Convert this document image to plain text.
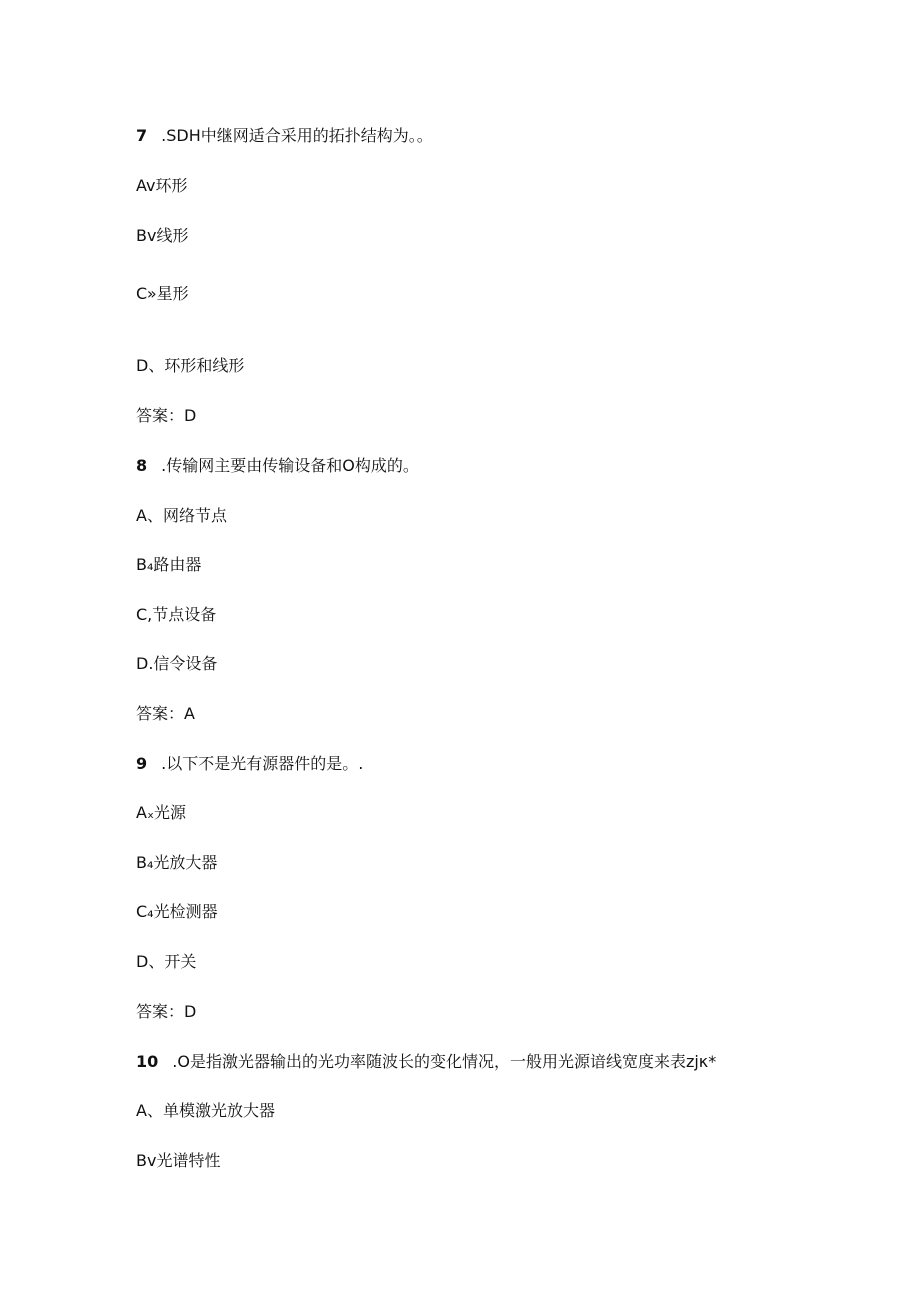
7 .SDH中继网适合采用的拓扑结构为。。
Av环形
Bv线形
C»星形
D、环形和线形
答案：D
8 .传输网主要由传输设备和O构成的。
A、网络节点
B₄路由器
C,节点设备
D.信令设备
答案：A
9 .以下不是光有源器件的是。.
Aₓ光源
B₄光放大器
C₄光检测器
D、开关
答案：D
10 .O是指激光器输出的光功率随波长的变化情况，一般用光源谙线宽度来表zjκ*
A、单模激光放大器
Bv光谱特性
